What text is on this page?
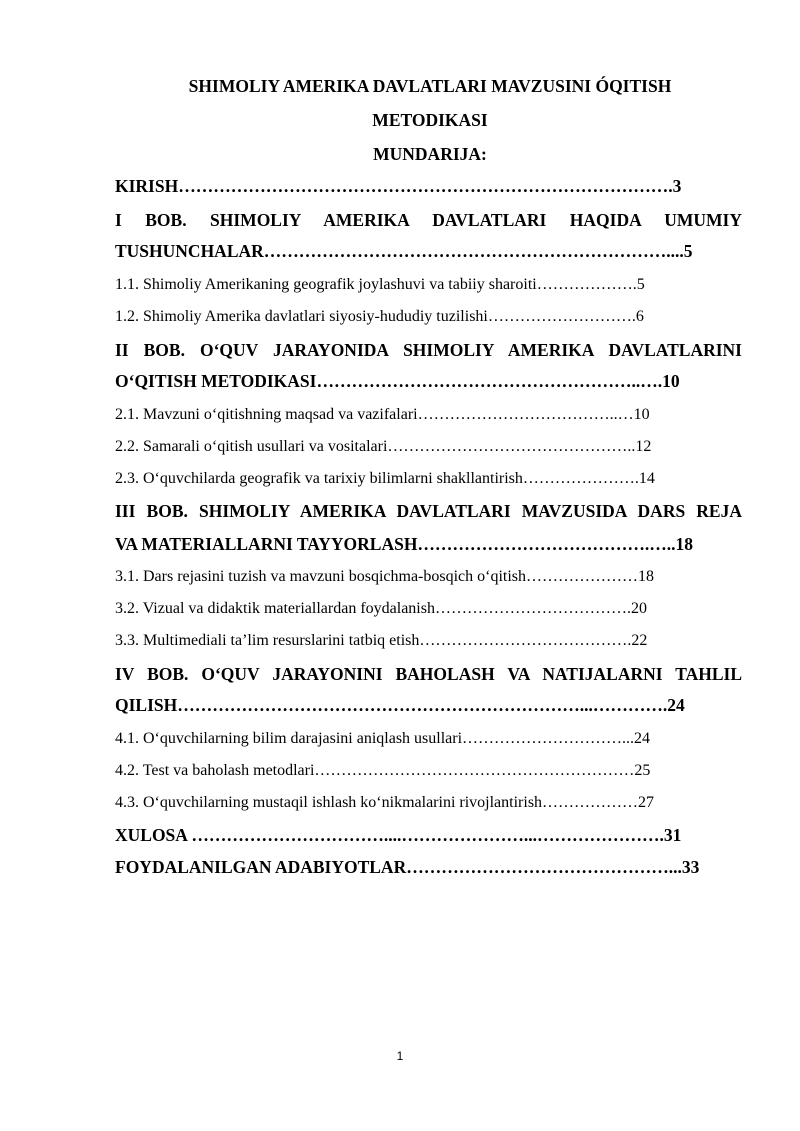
SHIMOLIY AMERIKA DAVLATLARI MAVZUSINI ÓQITISH
METODIKASI
MUNDARIJA:
KIRISH………………………………………………………………………….3
I BOB. SHIMOLIY AMERIKA DAVLATLARI HAQIDA UMUMIY
TUSHUNCHALAR……………………………………………………………....5
1.1. Shimoliy Amerikaning geografik joylashuvi va tabiiy sharoiti……………….5
1.2. Shimoliy Amerika davlatlari siyosiy-hududiy tuzilishi……………………….6
II BOB. O‘QUV JARAYONIDA SHIMOLIY AMERIKA DAVLATLARINI
O‘QITISH METODIKASI………………………………………………..….10
2.1. Mavzuni o‘qitishning maqsad va vazifalari………………………………..…10
2.2. Samarali o‘qitish usullari va vositalari………………………………………..12
2.3. O‘quvchilarda geografik va tarixiy bilimlarni shakllantirish………………….14
III BOB. SHIMOLIY AMERIKA DAVLATLARI MAVZUSIDA DARS REJA
VA MATERIALLARNI TAYYORLASH………………………………….…..18
3.1. Dars rejasini tuzish va mavzuni bosqichma-bosqich o‘qitish…………………18
3.2. Vizual va didaktik materiallardan foydalanish……………………………….20
3.3. Multimediali ta’lim resurslarini tatbiq etish………………………………….22
IV BOB. O‘QUV JARAYONINI BAHOLASH VA NATIJALARNI TAHLIL
QILISH……………………………………………………………...………….24
4.1. O‘quvchilarning bilim darajasini aniqlash usullari…………………………...24
4.2. Test va baholash metodlari……………………………………………………25
4.3. O‘quvchilarning mustaqil ishlash ko‘nikmalarini rivojlantirish………………27
XULOSA ……………………………....…………………...………………….31
FOYDALANILGAN ADABIYOTLAR………………………………………...33
1
